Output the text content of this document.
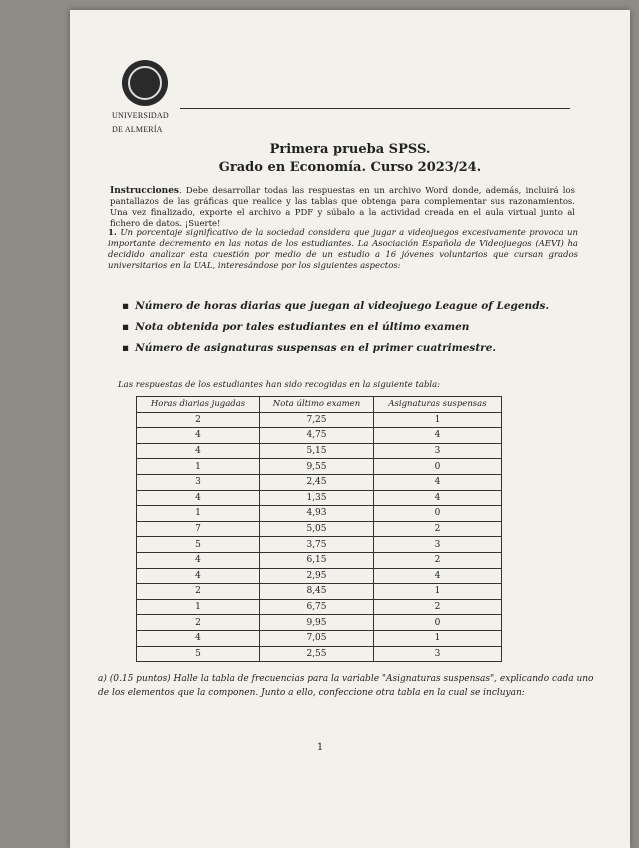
UNIVERSIDAD
DE ALMERÍA
Primera prueba SPSS.
Grado en Economía. Curso 2023/24.
Instrucciones. Debe desarrollar todas las respuestas en un archivo Word donde, además, incluirá los pantallazos de las gráficas que realice y las tablas que obtenga para complementar sus razonamientos. Una vez finalizado, exporte el archivo a PDF y súbalo a la actividad creada en el aula virtual junto al fichero de datos. ¡Suerte!
1. Un porcentaje significativo de la sociedad considera que jugar a videojuegos excesivamente provoca un importante decremento en las notas de los estudiantes. La Asociación Española de Videojuegos (AEVI) ha decidido analizar esta cuestión por medio de un estudio a 16 jóvenes voluntarios que cursan grados universitarios en la UAL, interesándose por los siguientes aspectos:
▪ Número de horas diarias que juegan al videojuego League of Legends.
▪ Nota obtenida por tales estudiantes en el último examen
▪ Número de asignaturas suspensas en el primer cuatrimestre.
Las respuestas de los estudiantes han sido recogidas en la siguiente tabla:
Horas diarias jugadas	Nota último examen	Asignaturas suspensas
2	7,25	1
4	4,75	4
4	5,15	3
1	9,55	0
3	2,45	4
4	1,35	4
1	4,93	0
7	5,05	2
5	3,75	3
4	6,15	2
4	2,95	4
2	8,45	1
1	6,75	2
2	9,95	0
4	7,05	1
5	2,55	3
a) (0.15 puntos) Halle la tabla de frecuencias para la variable "Asignaturas suspensas", explicando cada uno de los elementos que la componen. Junto a ello, confeccione otra tabla en la cual se incluyan:
1
